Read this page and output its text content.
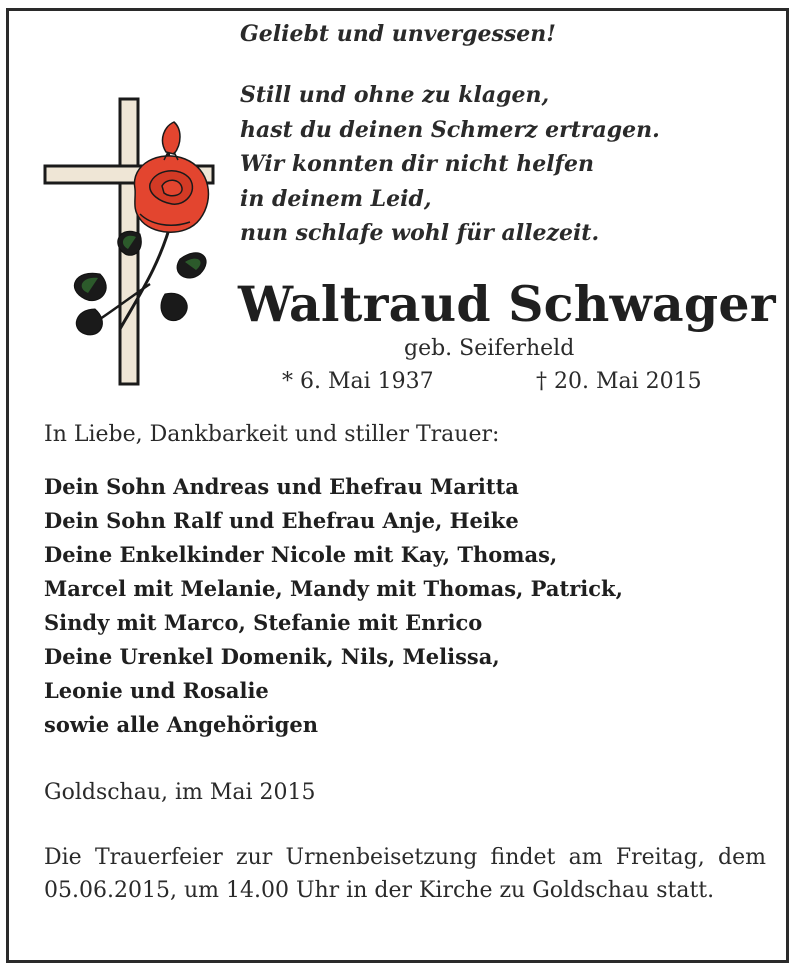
Geliebt und unvergessen!
Still und ohne zu klagen,
hast du deinen Schmerz ertragen.
Wir konnten dir nicht helfen
in deinem Leid,
nun schlafe wohl für allezeit.
Waltraud Schwager
geb. Seiferheld
* 6. Mai 1937	† 20. Mai 2015
In Liebe, Dankbarkeit und stiller Trauer:
Dein Sohn Andreas und Ehefrau Maritta
Dein Sohn Ralf und Ehefrau Anje, Heike
Deine Enkelkinder Nicole mit Kay, Thomas,
Marcel mit Melanie, Mandy mit Thomas, Patrick,
Sindy mit Marco, Stefanie mit Enrico
Deine Urenkel Domenik, Nils, Melissa,
Leonie und Rosalie
sowie alle Angehörigen
Goldschau, im Mai 2015
Die Trauerfeier zur Urnenbeisetzung findet am Freitag, dem 05.06.2015, um 14.00 Uhr in der Kirche zu Goldschau statt.
